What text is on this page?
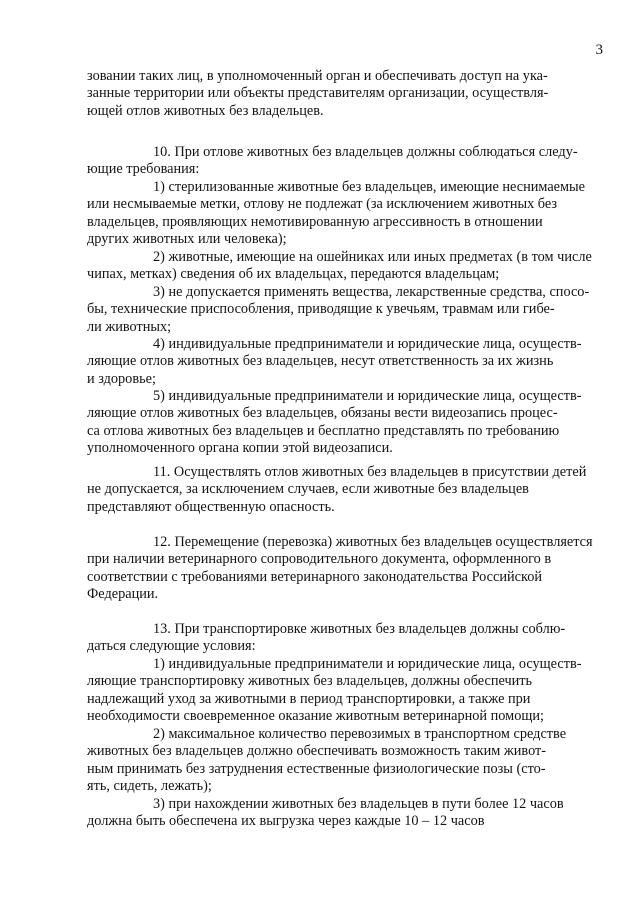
3

зовании таких лиц, в уполномоченный орган и обеспечивать доступ на ука-
занные территории или объекты представителям организации, осуществля-
ющей отлов животных без владельцев.

10. При отлове животных без владельцев должны соблюдаться следу-
ющие требования:

1) стерилизованные животные без владельцев, имеющие неснимаемые
или несмываемые метки, отлову не подлежат (за исключением животных без
владельцев, проявляющих немотивированную агрессивность в отношении
других животных или человека);

2) животные, имеющие на ошейниках или иных предметах (в том числе
чипах, метках) сведения об их владельцах, передаются владельцам;

3) не допускается применять вещества, лекарственные средства, спосо-
бы, технические приспособления, приводящие к увечьям, травмам или гибе-
ли животных;

4) индивидуальные предприниматели и юридические лица, осуществ-
ляющие отлов животных без владельцев, несут ответственность за их жизнь
и здоровье;

5) индивидуальные предприниматели и юридические лица, осуществ-
ляющие отлов животных без владельцев, обязаны вести видеозапись процес-
са отлова животных без владельцев и бесплатно представлять по требованию
уполномоченного органа копии этой видеозаписи.

11. Осуществлять отлов животных без владельцев в присутствии детей
не допускается, за исключением случаев, если животные без владельцев
представляют общественную опасность.

12. Перемещение (перевозка) животных без владельцев осуществляется
при наличии ветеринарного сопроводительного документа, оформленного в
соответствии с требованиями ветеринарного законодательства Российской
Федерации.

13. При транспортировке животных без владельцев должны соблю-
даться следующие условия:

1) индивидуальные предприниматели и юридические лица, осуществ-
ляющие транспортировку животных без владельцев, должны обеспечить
надлежащий уход за животными в период транспортировки, а также при
необходимости своевременное оказание животным ветеринарной помощи;

2) максимальное количество перевозимых в транспортном средстве
животных без владельцев должно обеспечивать возможность таким живот-
ным принимать без затруднения естественные физиологические позы (сто-
ять, сидеть, лежать);

3) при нахождении животных без владельцев в пути более 12 часов
должна быть обеспечена их выгрузка через каждые 10 – 12 часов
